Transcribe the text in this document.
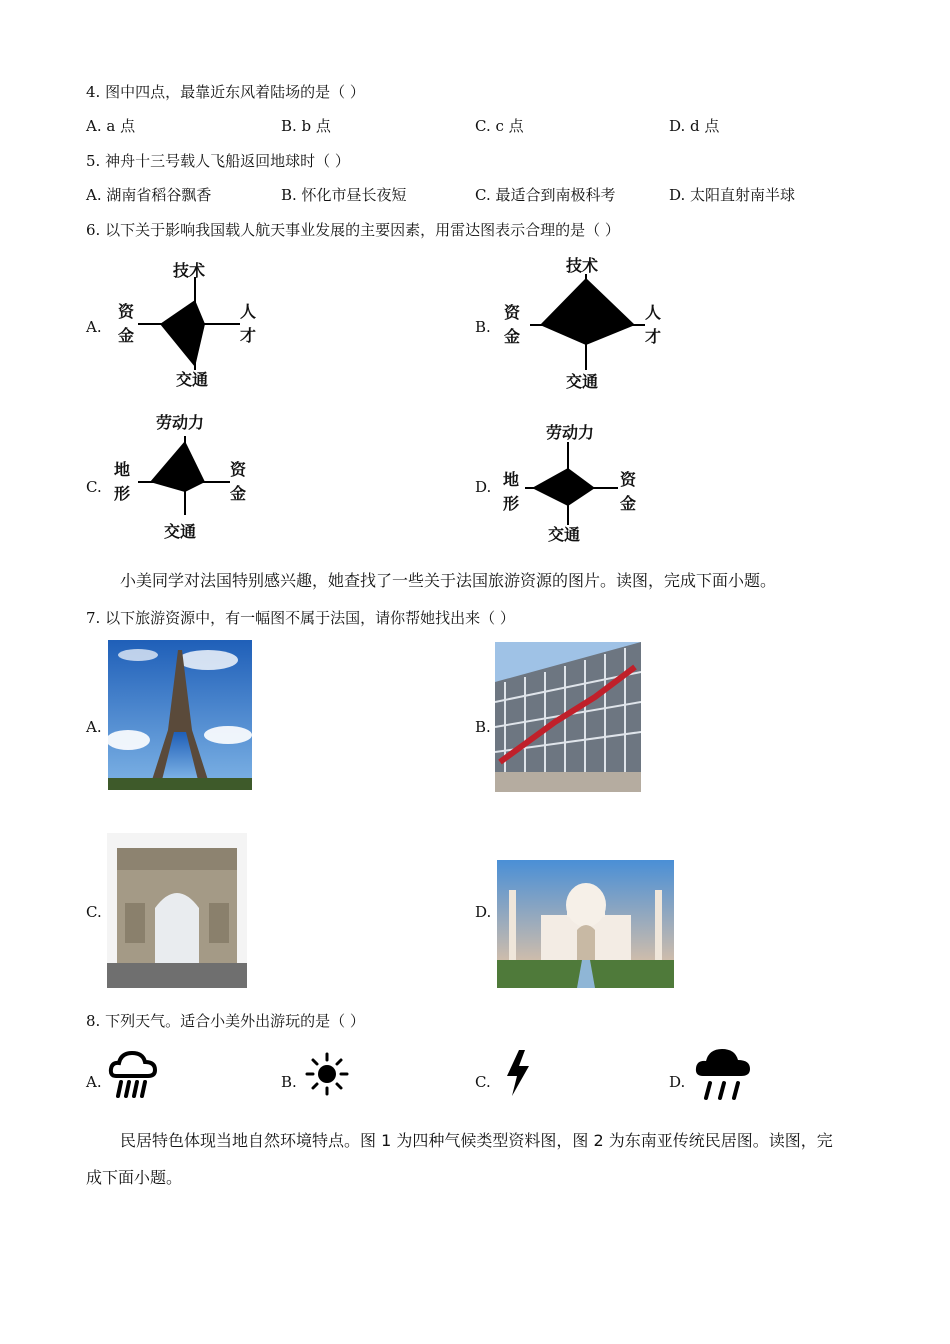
4. 图中四点，最靠近东风着陆场的是（ ）
A. a 点	B. b 点	C. c 点	D. d 点
5. 神舟十三号载人飞船返回地球时（ ）
A. 湖南省稻谷飘香	B. 怀化市昼长夜短	C. 最适合到南极科考	D. 太阳直射南半球
6. 以下关于影响我国载人航天事业发展的主要因素，用雷达图表示合理的是（ ）
A.
技术
资
金
人
才
交通
B.
技术
资
金
人
才
交通
C.
劳动力
地
形
资
金
交通
D.
劳动力
地
形
资
金
交通
小美同学对法国特别感兴趣，她查找了一些关于法国旅游资源的图片。读图，完成下面小题。
7. 以下旅游资源中，有一幅图不属于法国，请你帮她找出来（ ）
A.	B.
C.	D.
8. 下列天气。适合小美外出游玩的是（ ）
A.	B.	C.	D.
民居特色体现当地自然环境特点。图 1 为四种气候类型资料图，图 2 为东南亚传统民居图。读图，完
成下面小题。
